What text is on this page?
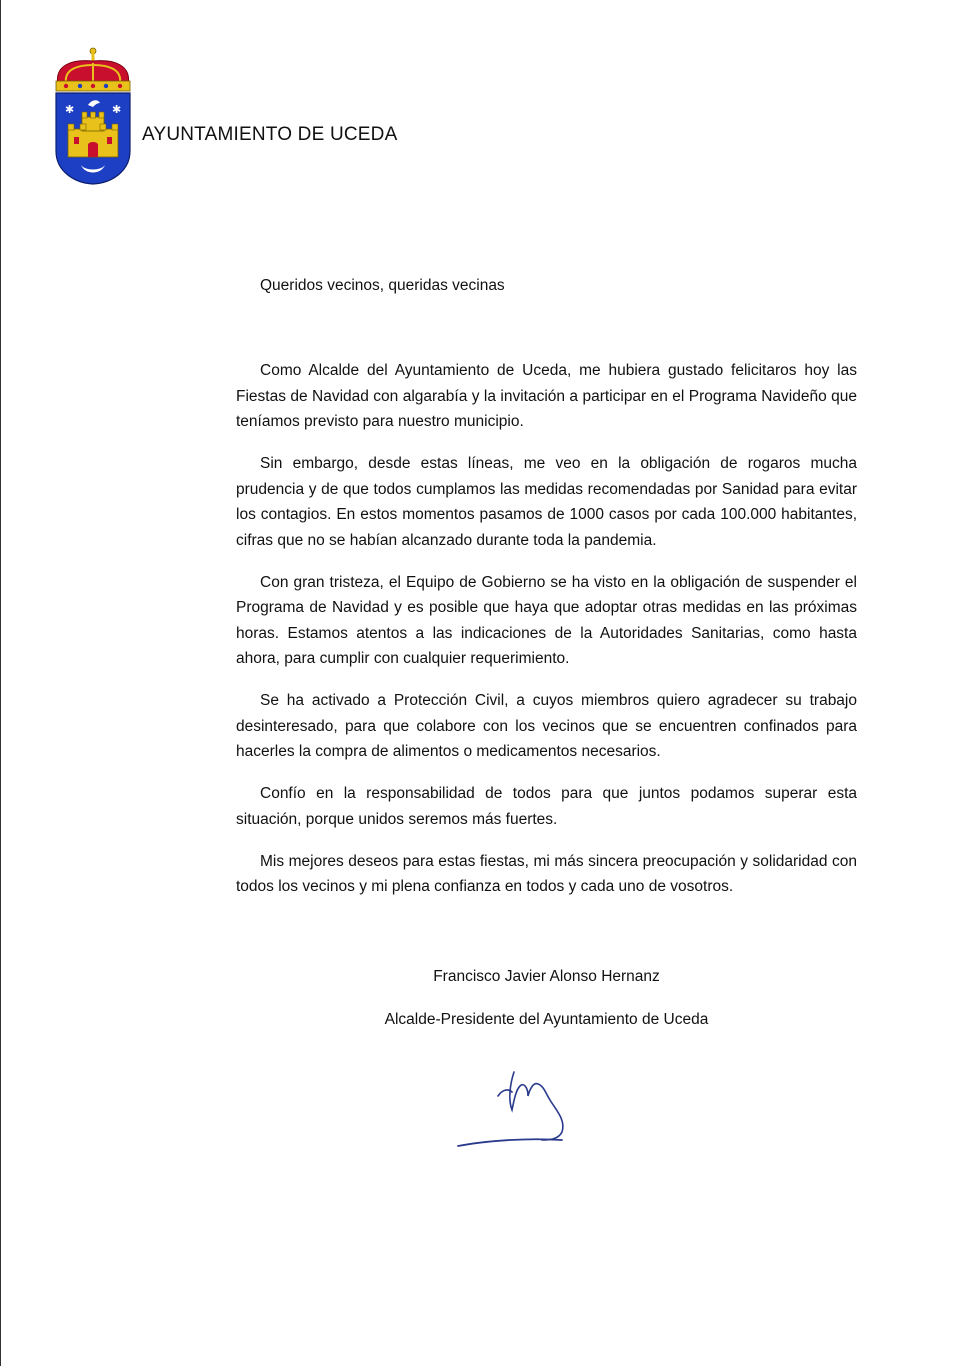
✱	✱
AYUNTAMIENTO DE UCEDA
Queridos vecinos, queridas vecinas

Como Alcalde del Ayuntamiento de Uceda, me hubiera gustado felicitaros hoy las Fiestas de Navidad con algarabía y la invitación a participar en el Programa Navideño que teníamos previsto para nuestro municipio.

Sin embargo, desde estas líneas, me veo en la obligación de rogaros mucha prudencia y de que todos cumplamos las medidas recomendadas por Sanidad para evitar los contagios. En estos momentos pasamos de 1000 casos por cada 100.000 habitantes, cifras que no se habían alcanzado durante toda la pandemia.

Con gran tristeza, el Equipo de Gobierno se ha visto en la obligación de suspender el Programa de Navidad y es posible que haya que adoptar otras medidas en las próximas horas. Estamos atentos a las indicaciones de la Autoridades Sanitarias, como hasta ahora, para cumplir con cualquier requerimiento.

Se ha activado a Protección Civil, a cuyos miembros quiero agradecer su trabajo desinteresado, para que colabore con los vecinos que se encuentren confinados para hacerles la compra de alimentos o medicamentos necesarios.

Confío en la responsabilidad de todos para que juntos podamos superar esta situación, porque unidos seremos más fuertes.

Mis mejores deseos para estas fiestas, mi más sincera preocupación y solidaridad con todos los vecinos y mi plena confianza en todos y cada uno de vosotros.

Francisco Javier Alonso Hernanz
Alcalde-Presidente del Ayuntamiento de Uceda
